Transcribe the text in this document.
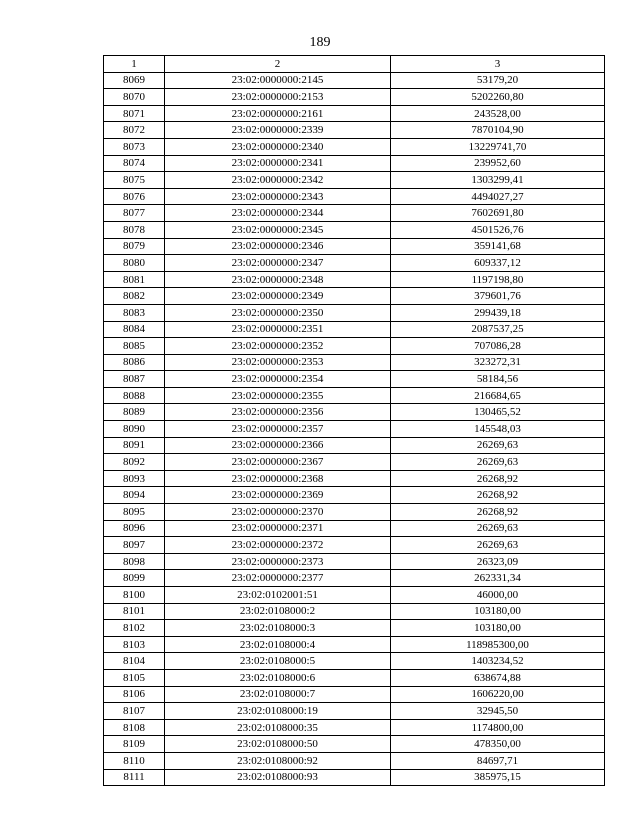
189
1	2	3
8069	23:02:0000000:2145	53179,20
8070	23:02:0000000:2153	5202260,80
8071	23:02:0000000:2161	243528,00
8072	23:02:0000000:2339	7870104,90
8073	23:02:0000000:2340	13229741,70
8074	23:02:0000000:2341	239952,60
8075	23:02:0000000:2342	1303299,41
8076	23:02:0000000:2343	4494027,27
8077	23:02:0000000:2344	7602691,80
8078	23:02:0000000:2345	4501526,76
8079	23:02:0000000:2346	359141,68
8080	23:02:0000000:2347	609337,12
8081	23:02:0000000:2348	1197198,80
8082	23:02:0000000:2349	379601,76
8083	23:02:0000000:2350	299439,18
8084	23:02:0000000:2351	2087537,25
8085	23:02:0000000:2352	707086,28
8086	23:02:0000000:2353	323272,31
8087	23:02:0000000:2354	58184,56
8088	23:02:0000000:2355	216684,65
8089	23:02:0000000:2356	130465,52
8090	23:02:0000000:2357	145548,03
8091	23:02:0000000:2366	26269,63
8092	23:02:0000000:2367	26269,63
8093	23:02:0000000:2368	26268,92
8094	23:02:0000000:2369	26268,92
8095	23:02:0000000:2370	26268,92
8096	23:02:0000000:2371	26269,63
8097	23:02:0000000:2372	26269,63
8098	23:02:0000000:2373	26323,09
8099	23:02:0000000:2377	262331,34
8100	23:02:0102001:51	46000,00
8101	23:02:0108000:2	103180,00
8102	23:02:0108000:3	103180,00
8103	23:02:0108000:4	118985300,00
8104	23:02:0108000:5	1403234,52
8105	23:02:0108000:6	638674,88
8106	23:02:0108000:7	1606220,00
8107	23:02:0108000:19	32945,50
8108	23:02:0108000:35	1174800,00
8109	23:02:0108000:50	478350,00
8110	23:02:0108000:92	84697,71
8111	23:02:0108000:93	385975,15
